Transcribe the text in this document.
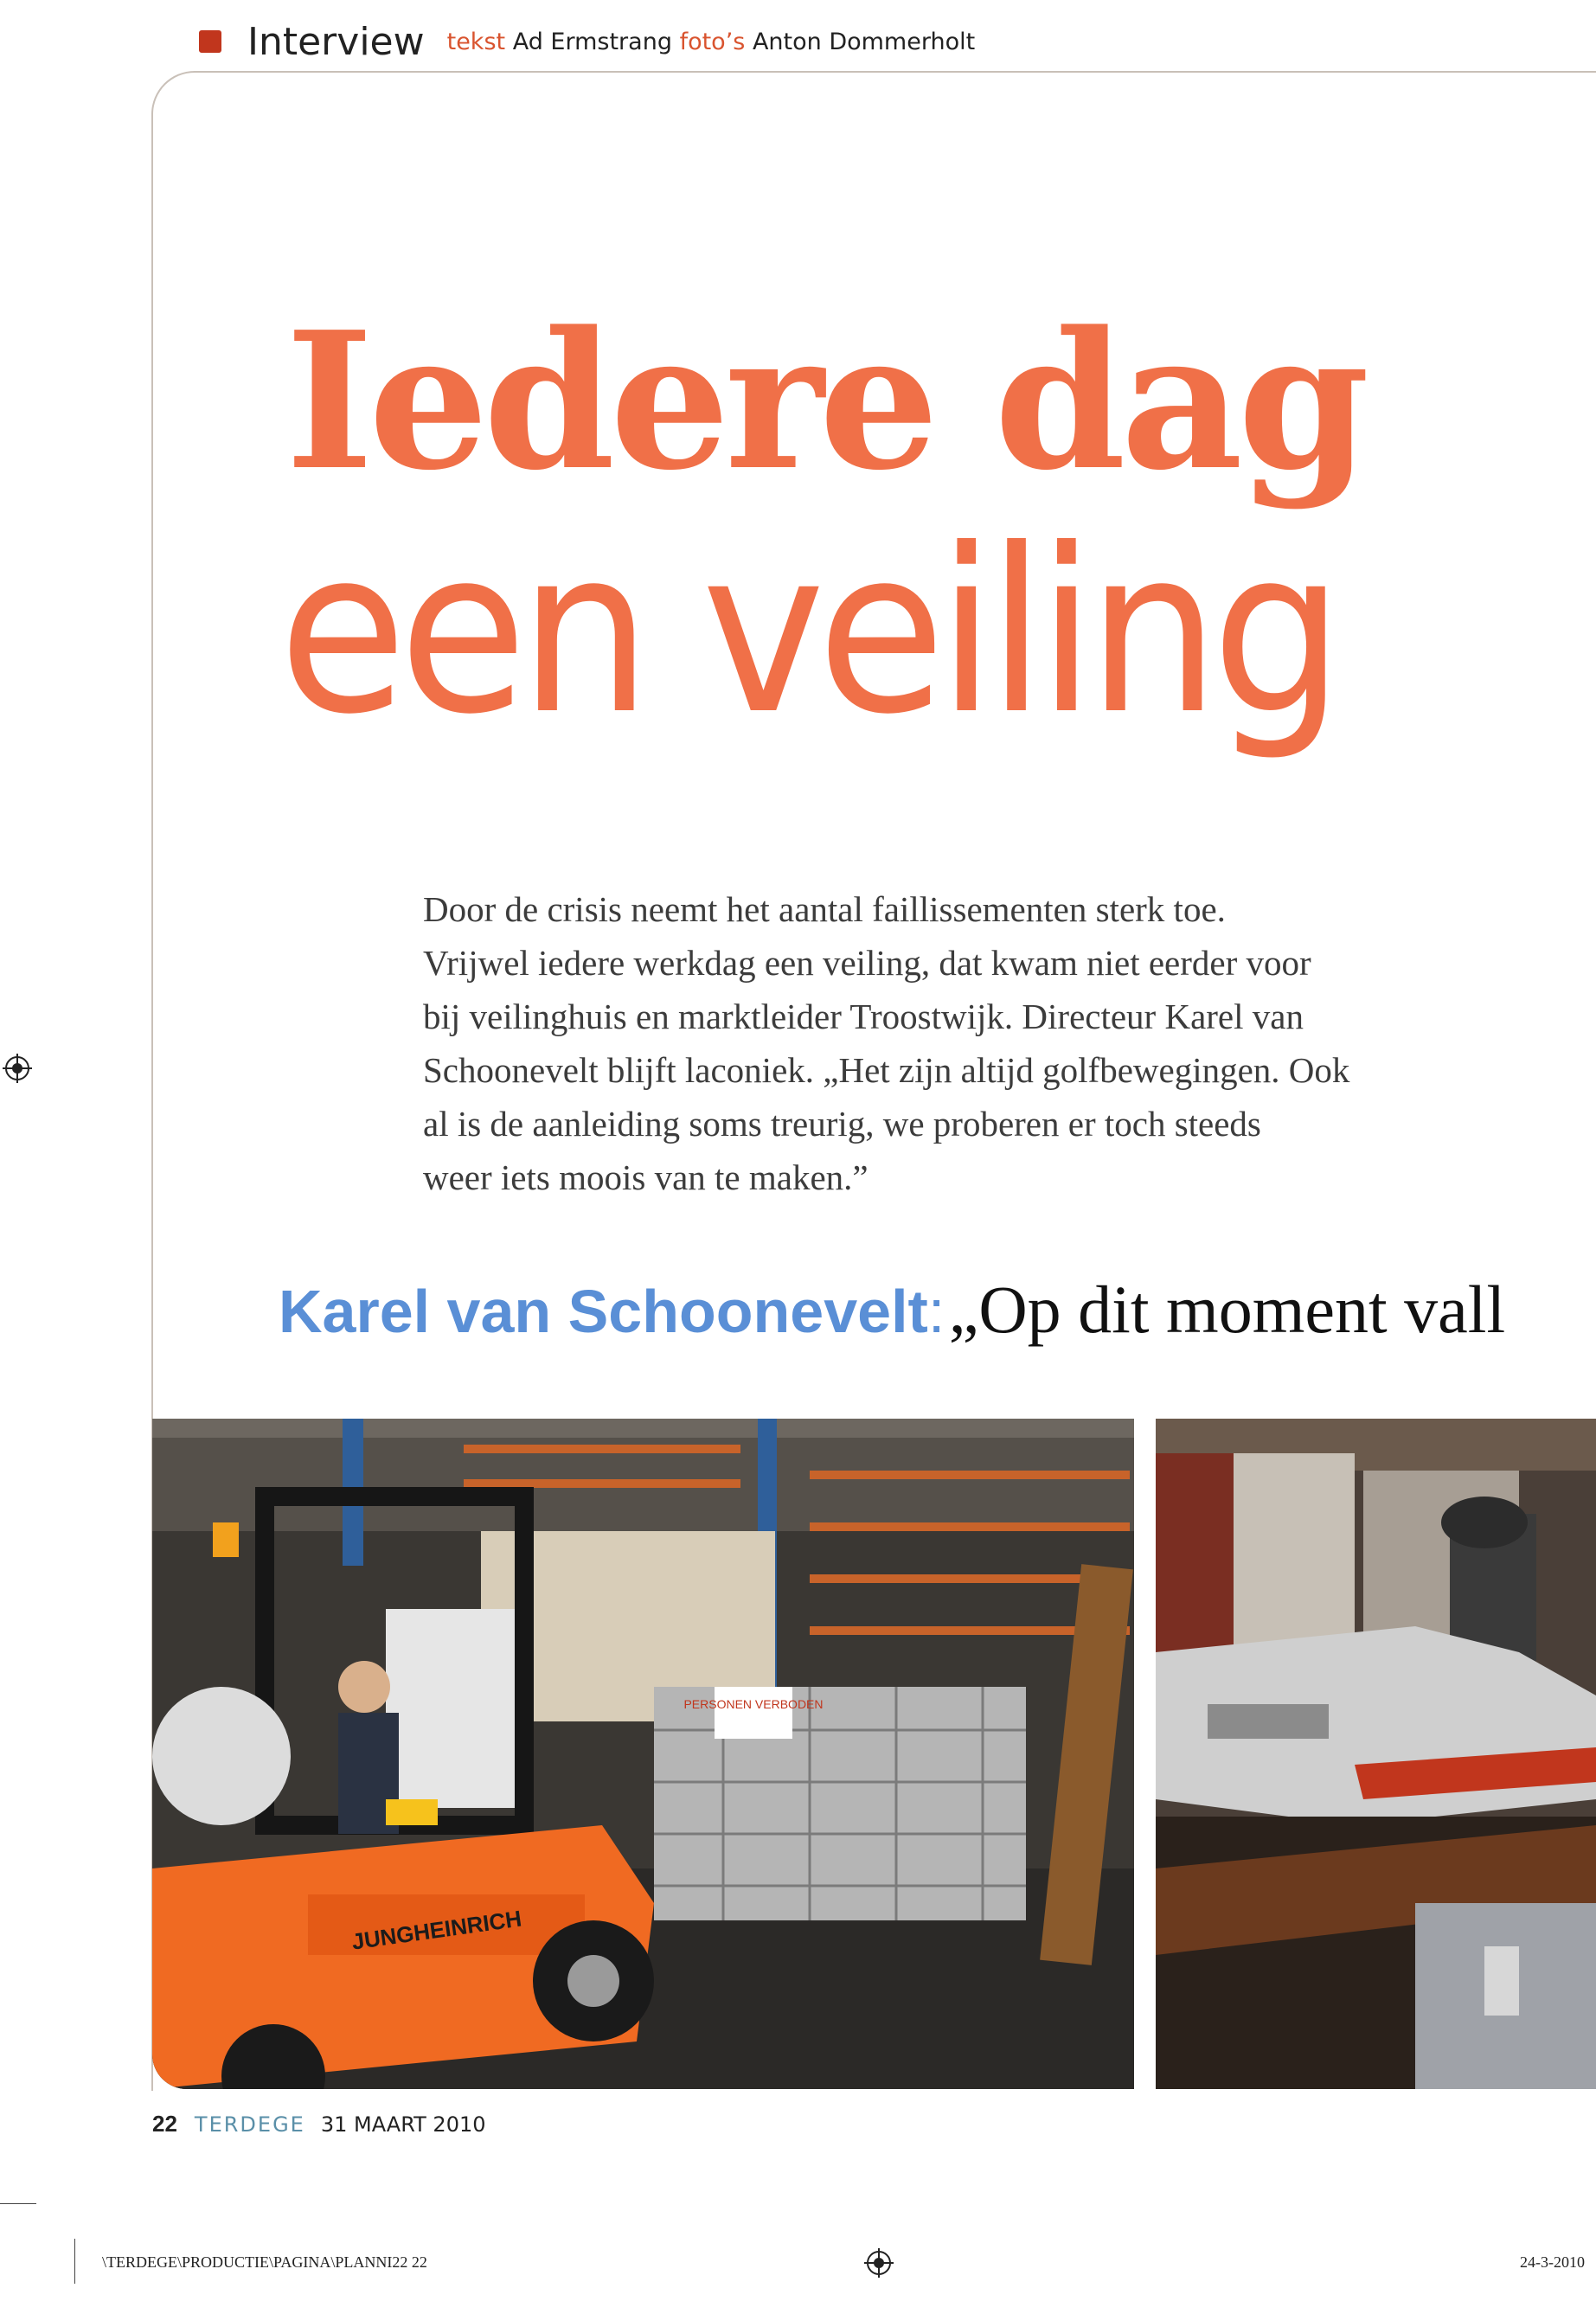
Interview tekst Ad Ermstrang foto’s Anton Dommerholt
Iedere dag
een veiling
Door de crisis neemt het aantal faillissementen sterk toe.
Vrijwel iedere werkdag een veiling, dat kwam niet eerder voor
bij veilinghuis en marktleider Troostwijk. Directeur Karel van
Schoonevelt blijft laconiek. „Het zijn altijd golfbewegingen. Ook
al is de aanleiding soms treurig, we proberen er toch steeds
weer iets moois van te maken.”
Karel van Schoonevelt: „Op dit moment vall
PERSONEN VERBODEN
JUNGHEINRICH
22 TERDEGE 31 MAART 2010
\TERDEGE\PRODUCTIE\PAGINA\PLANNI22 22	24-3-2010
